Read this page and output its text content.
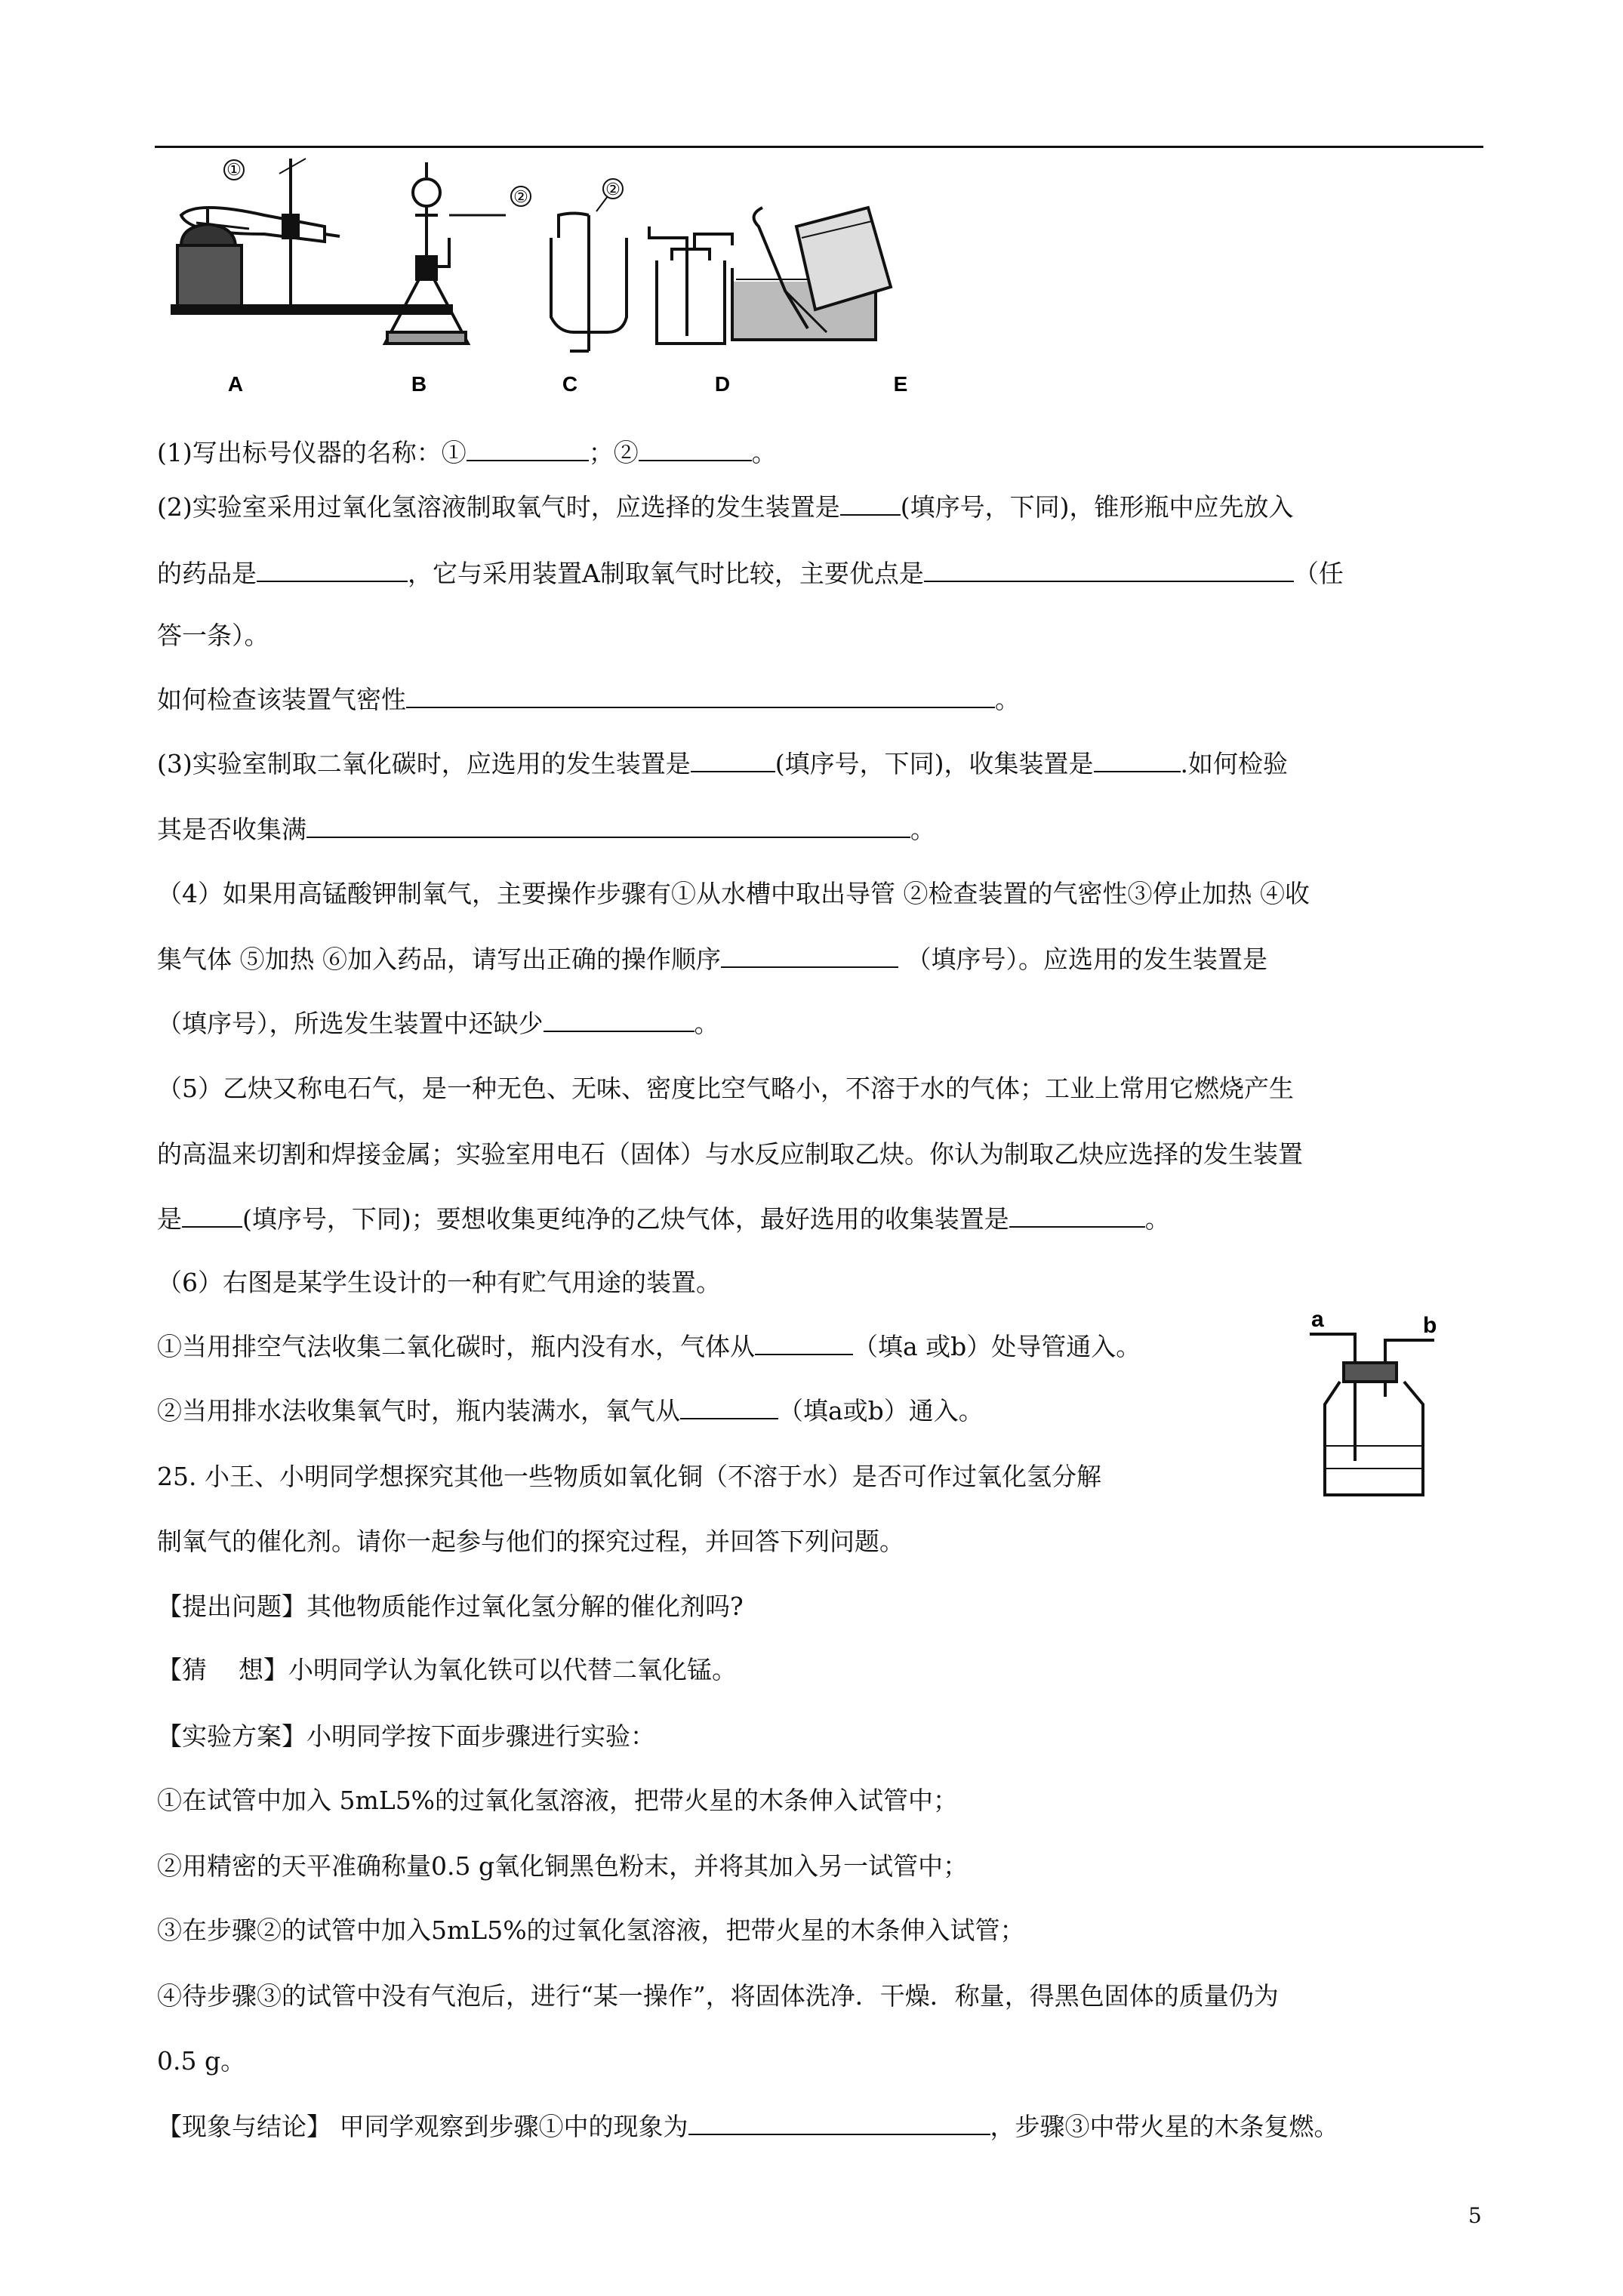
①
②	②
A	B	C	D	E
(1)写出标号仪器的名称：①	；②	。
(2)实验室采用过氧化氢溶液制取氧气时，应选择的发生装置是 (填序号，下同)，锥形瓶中应先放入
的药品是	，它与采用装置A制取氧气时比较，主要优点是	（任
答一条）。
如何检查该装置气密性	。
(3)实验室制取二氧化碳时，应选用的发生装置是	(填序号，下同)，收集装置是	.如何检验
其是否收集满	。
（4）如果用高锰酸钾制氧气，主要操作步骤有①从水槽中取出导管 ②检查装置的气密性③停止加热 ④收
集气体 ⑤加热 ⑥加入药品，请写出正确的操作顺序	（填序号）。应选用的发生装置是
（填序号），所选发生装置中还缺少	。
（5）乙炔又称电石气，是一种无色、无味、密度比空气略小，不溶于水的气体；工业上常用它燃烧产生
的高温来切割和焊接金属；实验室用电石（固体）与水反应制取乙炔。你认为制取乙炔应选择的发生装置
是 (填序号，下同)；要想收集更纯净的乙炔气体，最好选用的收集装置是	。
（6）右图是某学生设计的一种有贮气用途的装置。
①当用排空气法收集二氧化碳时，瓶内没有水，气体从	（填a 或b）处导管通入。
②当用排水法收集氧气时，瓶内装满水，氧气从	（填a或b）通入。
a	b
25. 小王、小明同学想探究其他一些物质如氧化铜（不溶于水）是否可作过氧化氢分解
制氧气的催化剂。请你一起参与他们的探究过程，并回答下列问题。
【提出问题】其他物质能作过氧化氢分解的催化剂吗?
【猜    想】小明同学认为氧化铁可以代替二氧化锰。
【实验方案】小明同学按下面步骤进行实验：
①在试管中加入 5mL5%的过氧化氢溶液，把带火星的木条伸入试管中；
②用精密的天平准确称量0.5 g氧化铜黑色粉末，并将其加入另一试管中；
③在步骤②的试管中加入5mL5%的过氧化氢溶液，把带火星的木条伸入试管；
④待步骤③的试管中没有气泡后，进行“某一操作”，将固体洗净．干燥．称量，得黑色固体的质量仍为
0.5 g。
【现象与结论】 甲同学观察到步骤①中的现象为	，步骤③中带火星的木条复燃。
5
